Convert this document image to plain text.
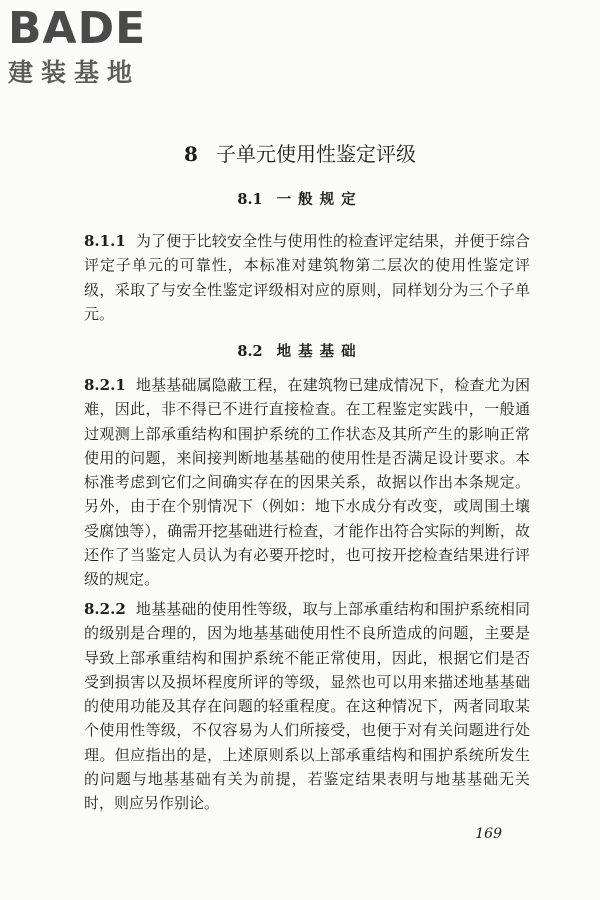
BADE
建装基地
8 子单元使用性鉴定评级
8.1 一般规定

8.1.1 为了便于比较安全性与使用性的检查评定结果，并便于综合评定子单元的可靠性，本标准对建筑物第二层次的使用性鉴定评级，采取了与安全性鉴定评级相对应的原则，同样划分为三个子单元。

8.2 地基基础

8.2.1 地基基础属隐蔽工程，在建筑物已建成情况下，检查尤为困难，因此，非不得已不进行直接检查。在工程鉴定实践中，一般通过观测上部承重结构和围护系统的工作状态及其所产生的影响正常使用的问题，来间接判断地基基础的使用性是否满足设计要求。本标准考虑到它们之间确实存在的因果关系，故据以作出本条规定。另外，由于在个别情况下（例如：地下水成分有改变，或周围土壤受腐蚀等），确需开挖基础进行检查，才能作出符合实际的判断，故还作了当鉴定人员认为有必要开挖时，也可按开挖检查结果进行评级的规定。

8.2.2 地基基础的使用性等级，取与上部承重结构和围护系统相同的级别是合理的，因为地基基础使用性不良所造成的问题，主要是导致上部承重结构和围护系统不能正常使用，因此，根据它们是否受到损害以及损坏程度所评的等级，显然也可以用来描述地基基础的使用功能及其存在问题的轻重程度。在这种情况下，两者同取某个使用性等级，不仅容易为人们所接受，也便于对有关问题进行处理。但应指出的是，上述原则系以上部承重结构和围护系统所发生的问题与地基基础有关为前提，若鉴定结果表明与地基基础无关时，则应另作别论。

169
